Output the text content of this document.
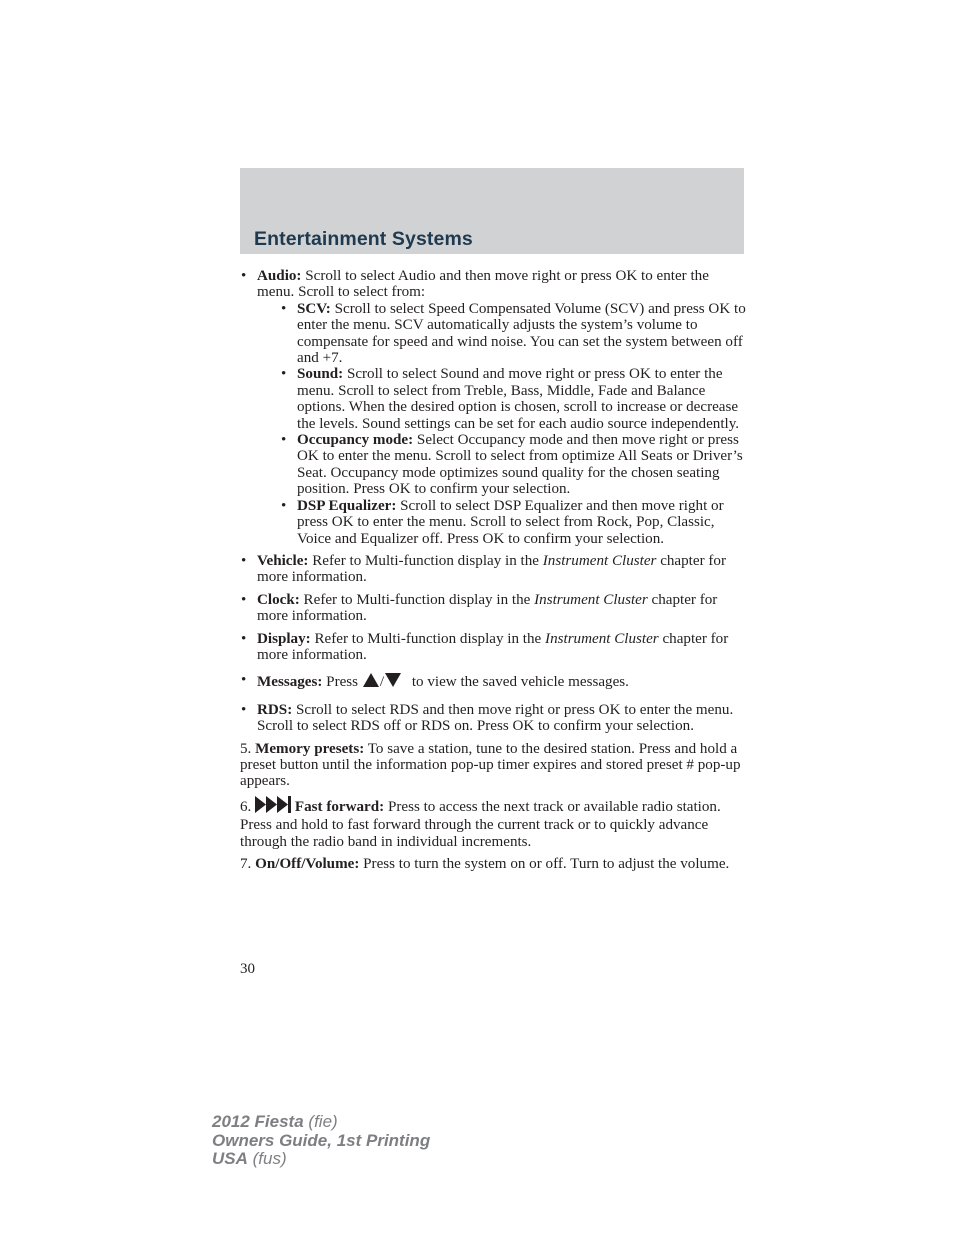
Entertainment Systems
• Audio: Scroll to select Audio and then move right or press OK to enter the menu. Scroll to select from:
• SCV: Scroll to select Speed Compensated Volume (SCV) and press OK to enter the menu. SCV automatically adjusts the system’s volume to compensate for speed and wind noise. You can set the system between off and +7.
• Sound: Scroll to select Sound and move right or press OK to enter the menu. Scroll to select from Treble, Bass, Middle, Fade and Balance options. When the desired option is chosen, scroll to increase or decrease the levels. Sound settings can be set for each audio source independently.
• Occupancy mode: Select Occupancy mode and then move right or press OK to enter the menu. Scroll to select from optimize All Seats or Driver’s Seat. Occupancy mode optimizes sound quality for the chosen seating position. Press OK to confirm your selection.
• DSP Equalizer: Scroll to select DSP Equalizer and then move right or press OK to enter the menu. Scroll to select from Rock, Pop, Classic, Voice and Equalizer off. Press OK to confirm your selection.
• Vehicle: Refer to Multi-function display in the Instrument Cluster chapter for more information.
• Clock: Refer to Multi-function display in the Instrument Cluster chapter for more information.
• Display: Refer to Multi-function display in the Instrument Cluster chapter for more information.
• Messages: Press / to view the saved vehicle messages.
• RDS: Scroll to select RDS and then move right or press OK to enter the menu. Scroll to select RDS off or RDS on. Press OK to confirm your selection.
5. Memory presets: To save a station, tune to the desired station. Press and hold a preset button until the information pop-up timer expires and stored preset # pop-up appears.
6.	Fast forward: Press to access the next track or available radio station. Press and hold to fast forward through the current track or to quickly advance through the radio band in individual increments.
7. On/Off/Volume: Press to turn the system on or off. Turn to adjust the volume.
30
2012 Fiesta (fie)
Owners Guide, 1st Printing
USA (fus)
